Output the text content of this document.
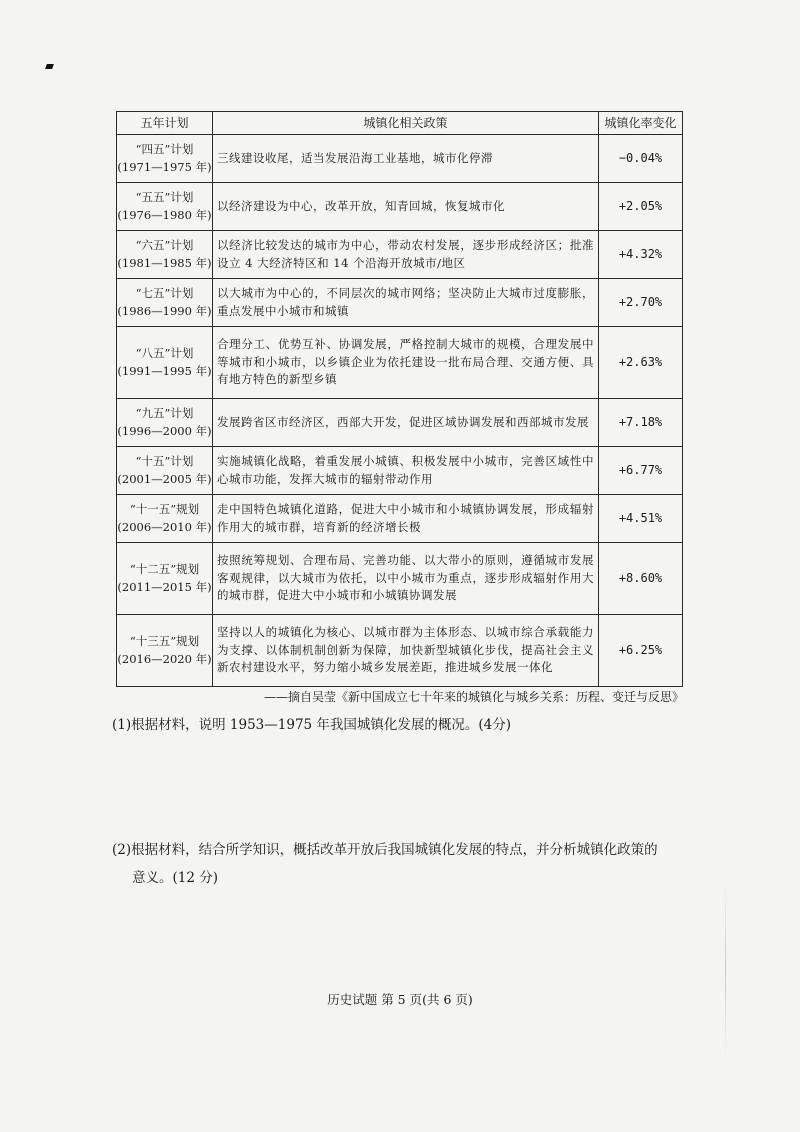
五年计划	城镇化相关政策	城镇化率变化

“四五”计划
(1971—1975 年)	三线建设收尾，适当发展沿海工业基地，城市化停滞	−0.04%

“五五”计划
(1976—1980 年)	以经济建设为中心，改革开放，知青回城，恢复城市化	+2.05%

“六五”计划
(1981—1985 年)	以经济比较发达的城市为中心，带动农村发展，逐步形成经济区；批准设立 4 大经济特区和 14 个沿海开放城市/地区	+4.32%

“七五”计划
(1986—1990 年)	以大城市为中心的，不同层次的城市网络；坚决防止大城市过度膨胀，重点发展中小城市和城镇	+2.70%

“八五”计划
(1991—1995 年)	合理分工、优势互补、协调发展，严格控制大城市的规模，合理发展中等城市和小城市，以乡镇企业为依托建设一批布局合理、交通方便、具有地方特色的新型乡镇	+2.63%

“九五”计划
(1996—2000 年)	发展跨省区市经济区，西部大开发，促进区域协调发展和西部城市发展	+7.18%

“十五”计划
(2001—2005 年)	实施城镇化战略，着重发展小城镇、积极发展中小城市，完善区域性中心城市功能，发挥大城市的辐射带动作用	+6.77%

“十一五”规划
(2006—2010 年)	走中国特色城镇化道路，促进大中小城市和小城镇协调发展，形成辐射作用大的城市群，培育新的经济增长极	+4.51%

“十二五”规划
(2011—2015 年)	按照统筹规划、合理布局、完善功能、以大带小的原则，遵循城市发展客观规律，以大城市为依托，以中小城市为重点，逐步形成辐射作用大的城市群，促进大中小城市和小城镇协调发展	+8.60%

“十三五”规划
(2016—2020 年)	坚持以人的城镇化为核心、以城市群为主体形态、以城市综合承载能力为支撑、以体制机制创新为保障，加快新型城镇化步伐，提高社会主义新农村建设水平，努力缩小城乡发展差距，推进城乡发展一体化	+6.25%
——摘自吴莹《新中国成立七十年来的城镇化与城乡关系：历程、变迁与反思》
(1)根据材料，说明 1953—1975 年我国城镇化发展的概况。(4分)
(2)根据材料，结合所学知识，概括改革开放后我国城镇化发展的特点，并分析城镇化政策的
意义。(12 分)
历史试题 第 5 页(共 6 页)
